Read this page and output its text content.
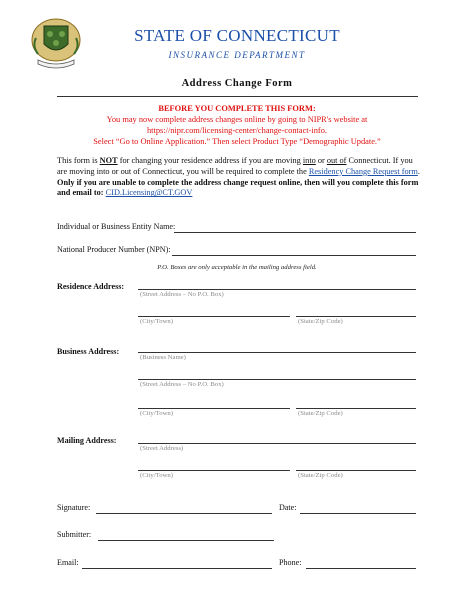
STATE OF CONNECTICUT
INSURANCE DEPARTMENT
Address Change Form
BEFORE YOU COMPLETE THIS FORM:
You may now complete address changes online by going to NIPR's website at
https://nipr.com/licensing-center/change-contact-info.
Select “Go to Online Application.” Then select Product Type “Demographic Update.”
This form is NOT for changing your residence address if you are moving into or out of Connecticut. If you are moving into or out of Connecticut, you will be required to complete the Residency Change Request form. Only if you are unable to complete the address change request online, then will you complete this form and email to: CID.Licensing@CT.GOV
Individual or Business Entity Name:
National Producer Number (NPN):
P.O. Boxes are only acceptable in the mailing address field.
Residence Address:
(Street Address – No P.O. Box)
(City/Town)	(State/Zip Code)
Business Address:
(Business Name)
(Street Address – No P.O. Box)
(City/Town)	(State/Zip Code)
Mailing Address:
(Street Address)
(City/Town)	(State/Zip Code)
Signature:	Date:
Submitter:
Email:	Phone:
